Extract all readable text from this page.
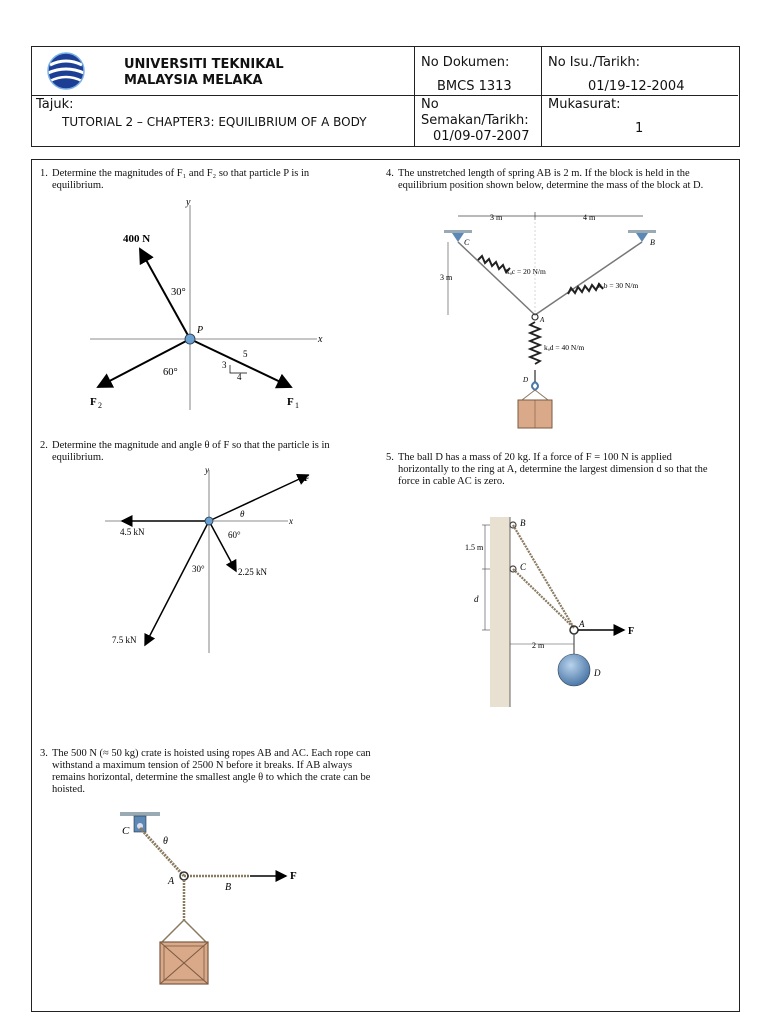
UNIVERSITI TEKNIKAL
MALAYSIA MELAKA
No Dokumen:
BMCS 1313
No Isu./Tarikh:
01/19-12-2004
Tajuk:
TUTORIAL 2 – CHAPTER3: EQUILIBRIUM OF A BODY
No
Semakan/Tarikh:
01/09-07-2007
Mukasurat:
1
1. Determine the magnitudes of F₁ and F₂ so that particle P is in equilibrium.
2. Determine the magnitude and angle θ of F so that the particle is in equilibrium.
3. The 500 N (≈ 50 kg) crate is hoisted using ropes AB and AC. Each rope can withstand a maximum tension of 2500 N before it breaks. If AB always remains horizontal, determine the smallest angle θ to which the crate can be hoisted.
4. The unstretched length of spring AB is 2 m. If the block is held in the equilibrium position shown below, determine the mass of the block at D.
5. The ball D has a mass of 20 kg. If a force of F = 100 N is applied horizontally to the ring at A, determine the largest dimension d so that the force in cable AC is zero.
y
x
400 N
30°
60°
5
3
4
P
F 2	F 1
y
x
F
θ
4.5 kN	60°
2.25 kN
30°
7.5 kN
C
θ
F
B
A
3 m	4 m
C	B
3 m
kₐc = 20 N/m
kₐb = 30 N/m
A
kₐd = 40 N/m
D
B
C
1.5 m
d
A
F
2 m
D
